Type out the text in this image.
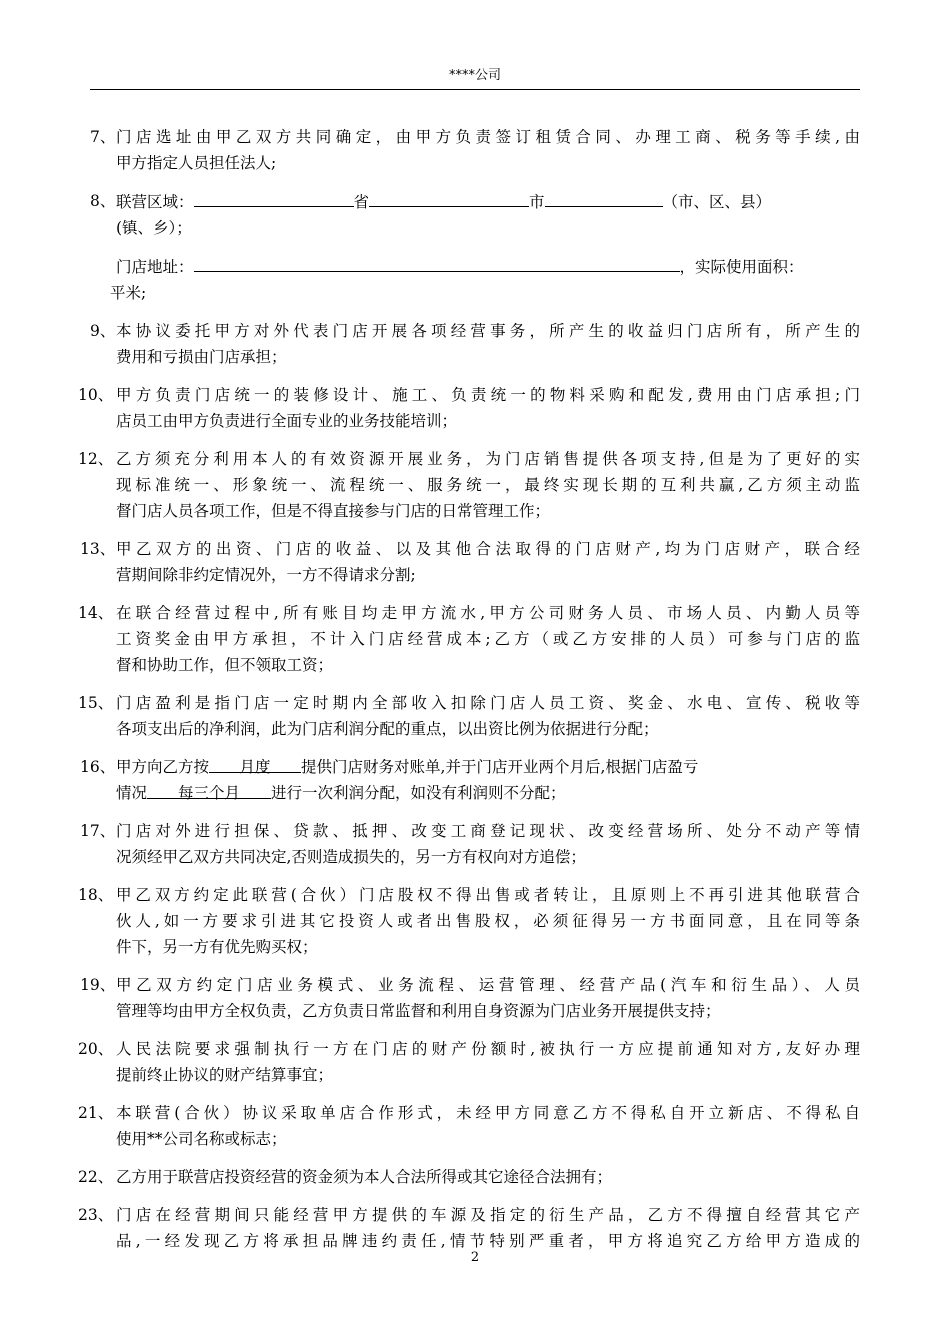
****公司
7、 门店选址由甲乙双方共同确定，由甲方负责签订租赁合同、办理工商、税务等手续,由
甲方指定人员担任法人;
8、 联营区域：	省	市	（市、区、县）
(镇、乡）；
门店地址：	，实际使用面积：
平米;
9、 本协议委托甲方对外代表门店开展各项经营事务，所产生的收益归门店所有，所产生的
费用和亏损由门店承担；
10、 甲方负责门店统一的装修设计、施工、负责统一的物料采购和配发,费用由门店承担;门
店员工由甲方负责进行全面专业的业务技能培训；
12、 乙方须充分利用本人的有效资源开展业务，为门店销售提供各项支持,但是为了更好的实
现标准统一、形象统一、流程统一、服务统一，最终实现长期的互利共赢,乙方须主动监
督门店人员各项工作，但是不得直接参与门店的日常管理工作；
13、 甲乙双方的出资、门店的收益、以及其他合法取得的门店财产,均为门店财产，联合经
营期间除非约定情况外，一方不得请求分割;
14、 在联合经营过程中,所有账目均走甲方流水,甲方公司财务人员、市场人员、内勤人员等
工资奖金由甲方承担，不计入门店经营成本;乙方（或乙方安排的人员）可参与门店的监
督和协助工作，但不领取工资；
15、 门店盈利是指门店一定时期内全部收入扣除门店人员工资、奖金、水电、宣传、税收等
各项支出后的净利润，此为门店利润分配的重点，以出资比例为依据进行分配；
16、 甲方向乙方按 月度 提供门店财务对账单,并于门店开业两个月后,根据门店盈亏
情况 每三个月 进行一次利润分配，如没有利润则不分配；
17、 门店对外进行担保、贷款、抵押、改变工商登记现状、改变经营场所、处分不动产等情
况须经甲乙双方共同决定,否则造成损失的，另一方有权向对方追偿；
18、 甲乙双方约定此联营(合伙）门店股权不得出售或者转让，且原则上不再引进其他联营合
伙人,如一方要求引进其它投资人或者出售股权，必须征得另一方书面同意，且在同等条
件下，另一方有优先购买权；
19、 甲乙双方约定门店业务模式、业务流程、运营管理、经营产品(汽车和衍生品）、人员
管理等均由甲方全权负责，乙方负责日常监督和利用自身资源为门店业务开展提供支持；
20、 人民法院要求强制执行一方在门店的财产份额时,被执行一方应提前通知对方,友好办理
提前终止协议的财产结算事宜；
21、 本联营(合伙）协议采取单店合作形式，未经甲方同意乙方不得私自开立新店、不得私自
使用**公司名称或标志；
22、 乙方用于联营店投资经营的资金须为本人合法所得或其它途径合法拥有；
23、 门店在经营期间只能经营甲方提供的车源及指定的衍生产品，乙方不得擅自经营其它产
品,一经发现乙方将承担品牌违约责任,情节特别严重者，甲方将追究乙方给甲方造成的
2
